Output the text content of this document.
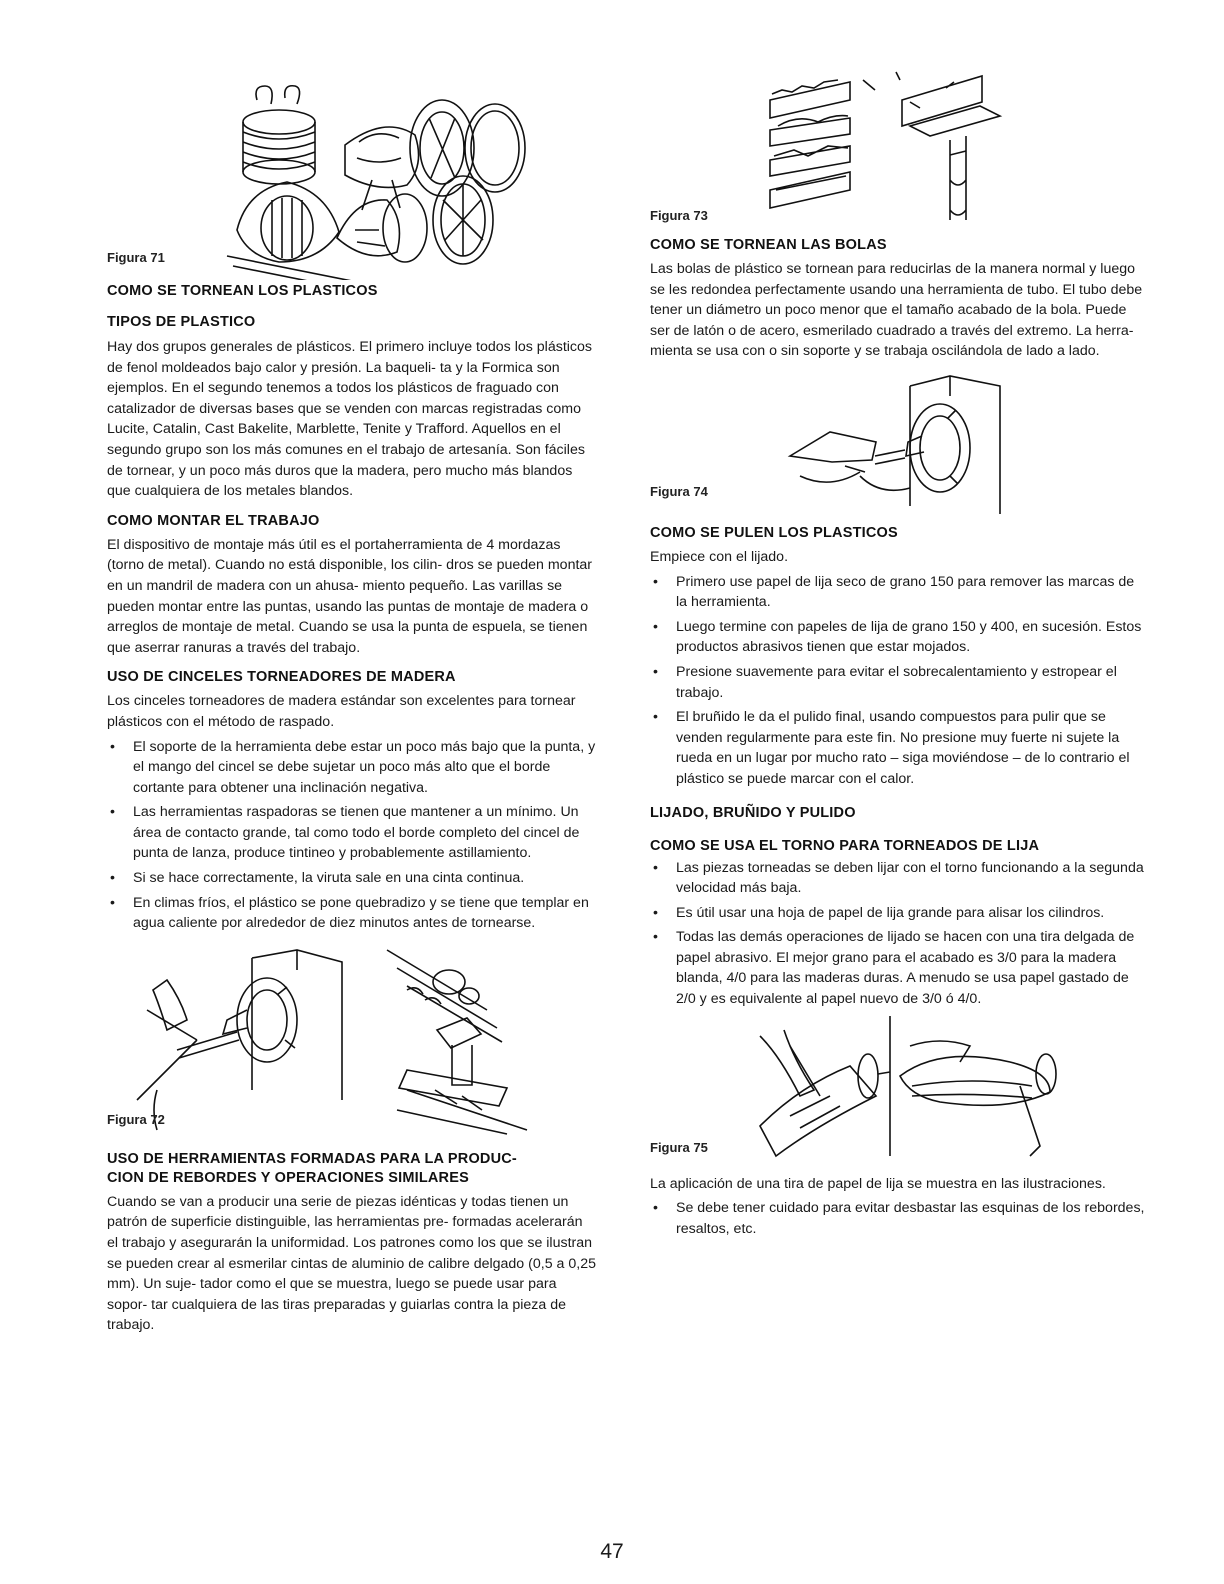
Figura 71
COMO SE TORNEAN LOS PLASTICOS
TIPOS DE PLASTICO

Hay dos grupos generales de plásticos. El primero incluye todos los plásticos de fenol moldeados bajo calor y presión. La baqueli- ta y la Formica son ejemplos. En el segundo tenemos a todos los plásticos de fraguado con catalizador de diversas bases que se venden con marcas registradas como Lucite, Catalin, Cast Bakelite, Marblette, Tenite y Trafford. Aquellos en el segundo grupo son los más comunes en el trabajo de artesanía. Son fáciles de tornear, y un poco más duros que la madera, pero mucho más blandos que cualquiera de los metales blandos.

COMO MONTAR EL TRABAJO

El dispositivo de montaje más útil es el portaherramienta de 4 mordazas (torno de metal). Cuando no está disponible, los cilin- dros se pueden montar en un mandril de madera con un ahusa- miento pequeño. Las varillas se pueden montar entre las puntas, usando las puntas de montaje de madera o arreglos de montaje de metal. Cuando se usa la punta de espuela, se tienen que aserrar ranuras a través del trabajo.

USO DE CINCELES TORNEADORES DE MADERA

Los cinceles torneadores de madera estándar son excelentes para tornear plásticos con el método de raspado.

• El soporte de la herramienta debe estar un poco más bajo que la punta, y el mango del cincel se debe sujetar un poco más alto que el borde cortante para obtener una inclinación negativa.
• Las herramientas raspadoras se tienen que mantener a un mínimo. Un área de contacto grande, tal como todo el borde completo del cincel de punta de lanza, produce tintineo y probablemente astillamiento.
• Si se hace correctamente, la viruta sale en una cinta continua.
• En climas fríos, el plástico se pone quebradizo y se tiene que templar en agua caliente por alrededor de diez minutos antes de tornearse.
Figura 72
USO DE HERRAMIENTAS FORMADAS PARA LA PRODUC-
CION DE REBORDES Y OPERACIONES SIMILARES

Cuando se van a producir una serie de piezas idénticas y todas tienen un patrón de superficie distinguible, las herramientas pre- formadas acelerarán el trabajo y asegurarán la uniformidad. Los patrones como los que se ilustran se pueden crear al esmerilar cintas de aluminio de calibre delgado (0,5 a 0,25 mm). Un suje- tador como el que se muestra, luego se puede usar para sopor- tar cualquiera de las tiras preparadas y guiarlas contra la pieza de trabajo.

Figura 73
COMO SE TORNEAN LAS BOLAS

Las bolas de plástico se tornean para reducirlas de la manera normal y luego se les redondea perfectamente usando una herramienta de tubo. El tubo debe tener un diámetro un poco menor que el tamaño acabado de la bola. Puede ser de latón o de acero, esmerilado cuadrado a través del extremo. La herra- mienta se usa con o sin soporte y se trabaja oscilándola de lado a lado.

Figura 74
COMO SE PULEN LOS PLASTICOS

Empiece con el lijado.

• Primero use papel de lija seco de grano 150 para remover las marcas de la herramienta.
• Luego termine con papeles de lija de grano 150 y 400, en sucesión. Estos productos abrasivos tienen que estar mojados.
• Presione suavemente para evitar el sobrecalentamiento y estropear el trabajo.
• El bruñido le da el pulido final, usando compuestos para pulir que se venden regularmente para este fin. No presione muy fuerte ni sujete la rueda en un lugar por mucho rato – siga moviéndose – de lo contrario el plástico se puede marcar con el calor.
LIJADO, BRUÑIDO Y PULIDO
COMO SE USA EL TORNO PARA TORNEADOS DE LIJA
• Las piezas torneadas se deben lijar con el torno funcionando a la segunda velocidad más baja.
• Es útil usar una hoja de papel de lija grande para alisar los cilindros.
• Todas las demás operaciones de lijado se hacen con una tira delgada de papel abrasivo. El mejor grano para el acabado es 3/0 para la madera blanda, 4/0 para las maderas duras. A menudo se usa papel gastado de 2/0 y es equivalente al papel nuevo de 3/0 ó 4/0.
Figura 75

La aplicación de una tira de papel de lija se muestra en las ilustraciones.

• Se debe tener cuidado para evitar desbastar las esquinas de los rebordes, resaltos, etc.
47
